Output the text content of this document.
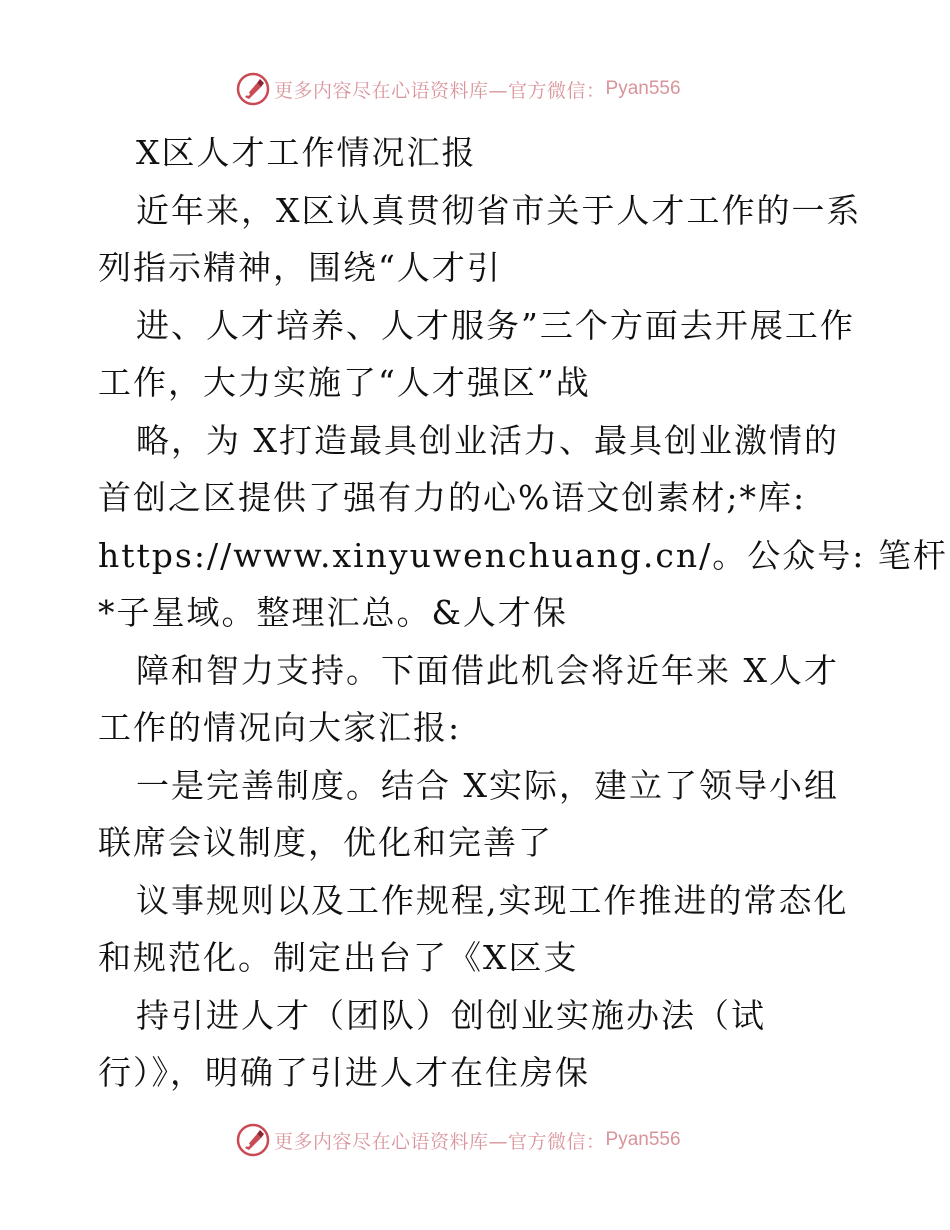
更多内容尽在心语资料库—官方微信： Pyan556
X区人才工作情况汇报
近年来，X区认真贯彻省市关于人才工作的一系
列指示精神，围绕“人才引
进、人才培养、人才服务”三个方面去开展工作
工作，大力实施了“人才强区”战
略，为 X打造最具创业活力、最具创业激情的
首创之区提供了强有力的心%语文创素材;*库:
https://www.xinyuwenchuang.cn/。公众号: 笔杆
*子星域。整理汇总。&人才保
障和智力支持。下面借此机会将近年来 X人才
工作的情况向大家汇报:
一是完善制度。结合 X实际，建立了领导小组
联席会议制度，优化和完善了
议事规则以及工作规程,实现工作推进的常态化
和规范化。制定出台了《X区支
持引进人才（团队）创创业实施办法（试
行）》，明确了引进人才在住房保
更多内容尽在心语资料库—官方微信： Pyan556
